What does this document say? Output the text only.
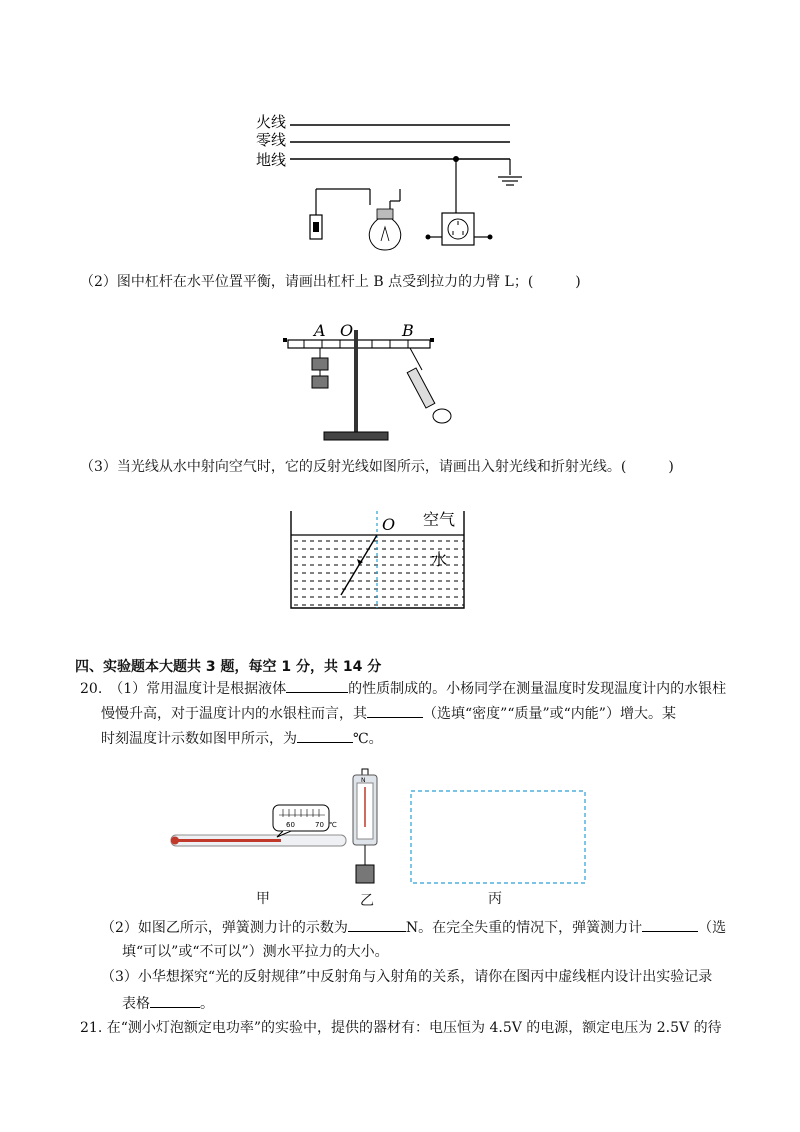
火线
零线
地线
（2）图中杠杆在水平位置平衡，请画出杠杆上 B 点受到拉力的力臂 L；(　　　)
A O	B
（3）当光线从水中射向空气时，它的反射光线如图所示，请画出入射光线和折射光线。(　　　)
O 空气
水
四、实验题本大题共 3 题，每空 1 分，共 14 分
20.　（1）常用温度计是根据液体	的性质制成的。小杨同学在测量温度时发现温度计内的水银柱
慢慢升高，对于温度计内的水银柱而言，其	（选填“密度”“质量”或“内能”）增大。某
时刻温度计示数如图甲所示，为	℃。
60	70 ℃
N
甲	乙	丙
（2）如图乙所示，弹簧测力计的示数为	N。在完全失重的情况下，弹簧测力计	（选
填“可以”或“不可以”）测水平拉力的大小。
（3）小华想探究“光的反射规律”中反射角与入射角的关系，请你在图丙中虚线框内设计出实验记录
表格	。
21. 在“测小灯泡额定电功率”的实验中，提供的器材有：电压恒为 4.5V 的电源，额定电压为 2.5V 的待
